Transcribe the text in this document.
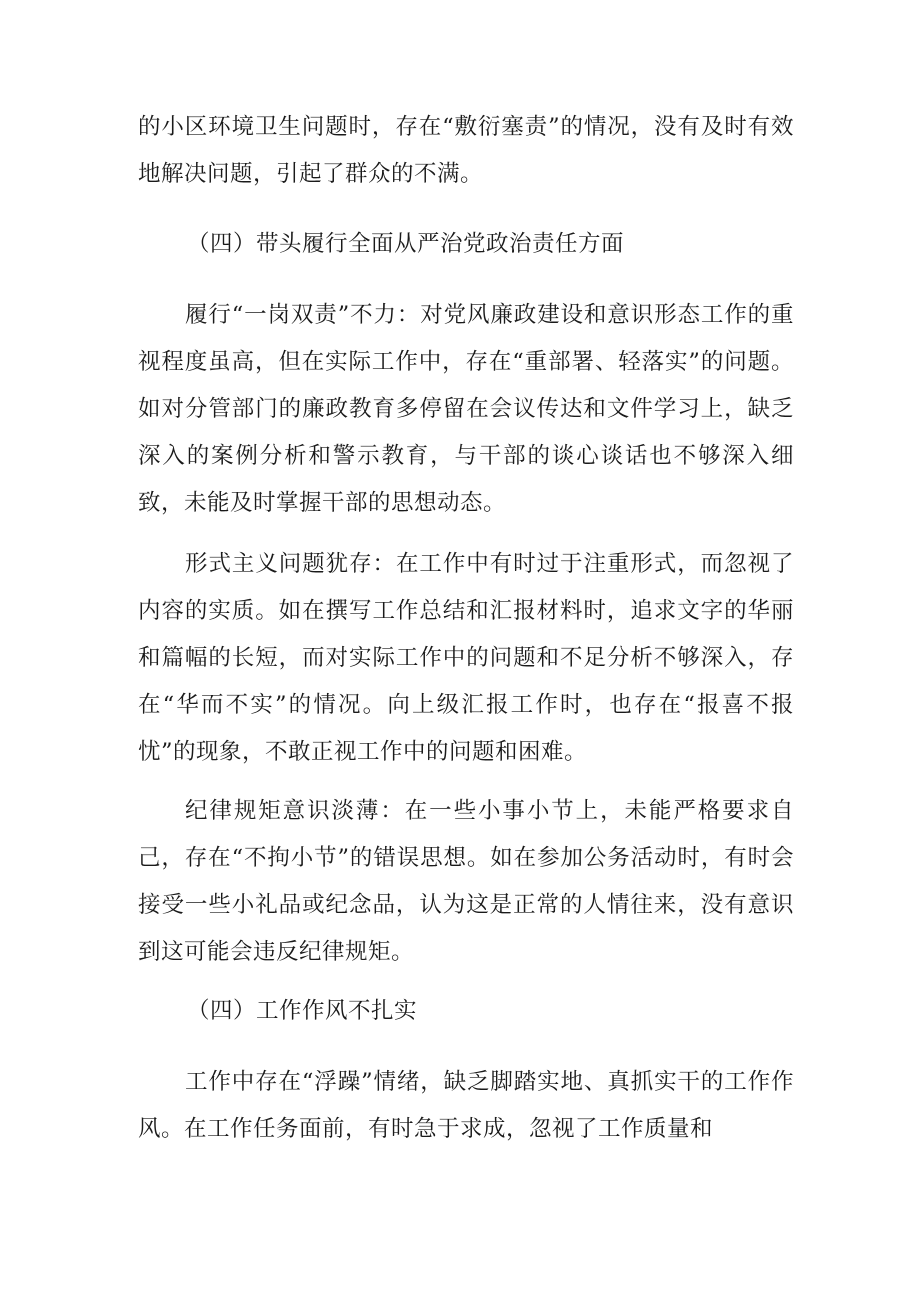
的小区环境卫生问题时，存在“敷衍塞责”的情况，没有及时有效地解决问题，引起了群众的不满。

（四）带头履行全面从严治党政治责任方面

履行“一岗双责”不力：对党风廉政建设和意识形态工作的重视程度虽高，但在实际工作中，存在“重部署、轻落实”的问题。如对分管部门的廉政教育多停留在会议传达和文件学习上，缺乏深入的案例分析和警示教育，与干部的谈心谈话也不够深入细致，未能及时掌握干部的思想动态。

形式主义问题犹存：在工作中有时过于注重形式，而忽视了内容的实质。如在撰写工作总结和汇报材料时，追求文字的华丽和篇幅的长短，而对实际工作中的问题和不足分析不够深入，存在“华而不实”的情况。向上级汇报工作时，也存在“报喜不报忧”的现象，不敢正视工作中的问题和困难。

纪律规矩意识淡薄：在一些小事小节上，未能严格要求自己，存在“不拘小节”的错误思想。如在参加公务活动时，有时会接受一些小礼品或纪念品，认为这是正常的人情往来，没有意识到这可能会违反纪律规矩。

（四）工作作风不扎实

工作中存在“浮躁”情绪，缺乏脚踏实地、真抓实干的工作作风。在工作任务面前，有时急于求成，忽视了工作质量和
